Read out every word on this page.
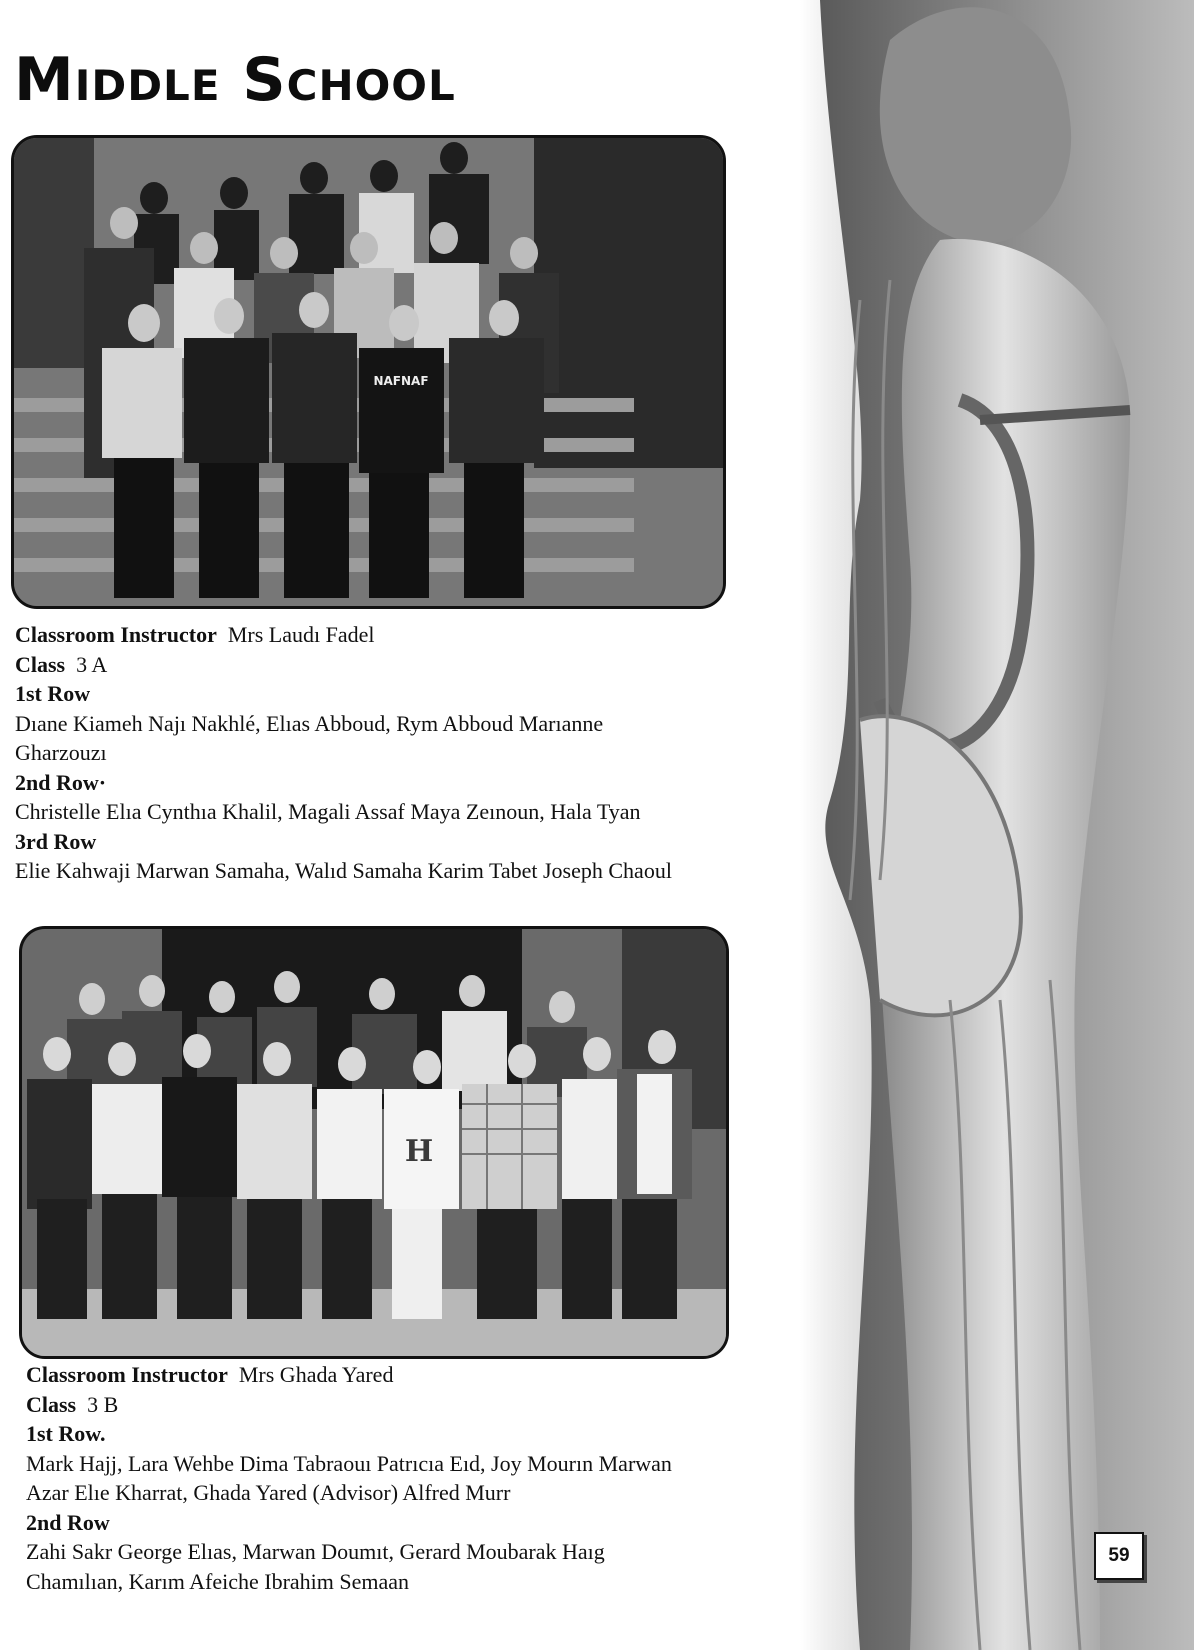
Middle School
NAFNAF
Classroom Instructor Mrs Laudı Fadel
Class 3 A
1st Row
Dıane Kiameh Najı Nakhlé, Elıas Abboud, Rym Abboud Marıanne Gharzouzı
2nd Row·
Christelle Elıa Cynthıa Khalil, Magali Assaf Maya Zeınoun, Hala Tyan
3rd Row
Elie Kahwaji Marwan Samaha, Walıd Samaha Karim Tabet Joseph Chaoul
H
Classroom Instructor Mrs Ghada Yared
Class 3 B
1st Row.
Mark Hajj, Lara Wehbe Dima Tabraouı Patrıcıa Eıd, Joy Mourın Marwan Azar Elıe Kharrat, Ghada Yared (Advisor) Alfred Murr
2nd Row
Zahi Sakr George Elıas, Marwan Doumıt, Gerard Moubarak Haıg Chamılıan, Karım Afeiche Ibrahim Semaan
59
